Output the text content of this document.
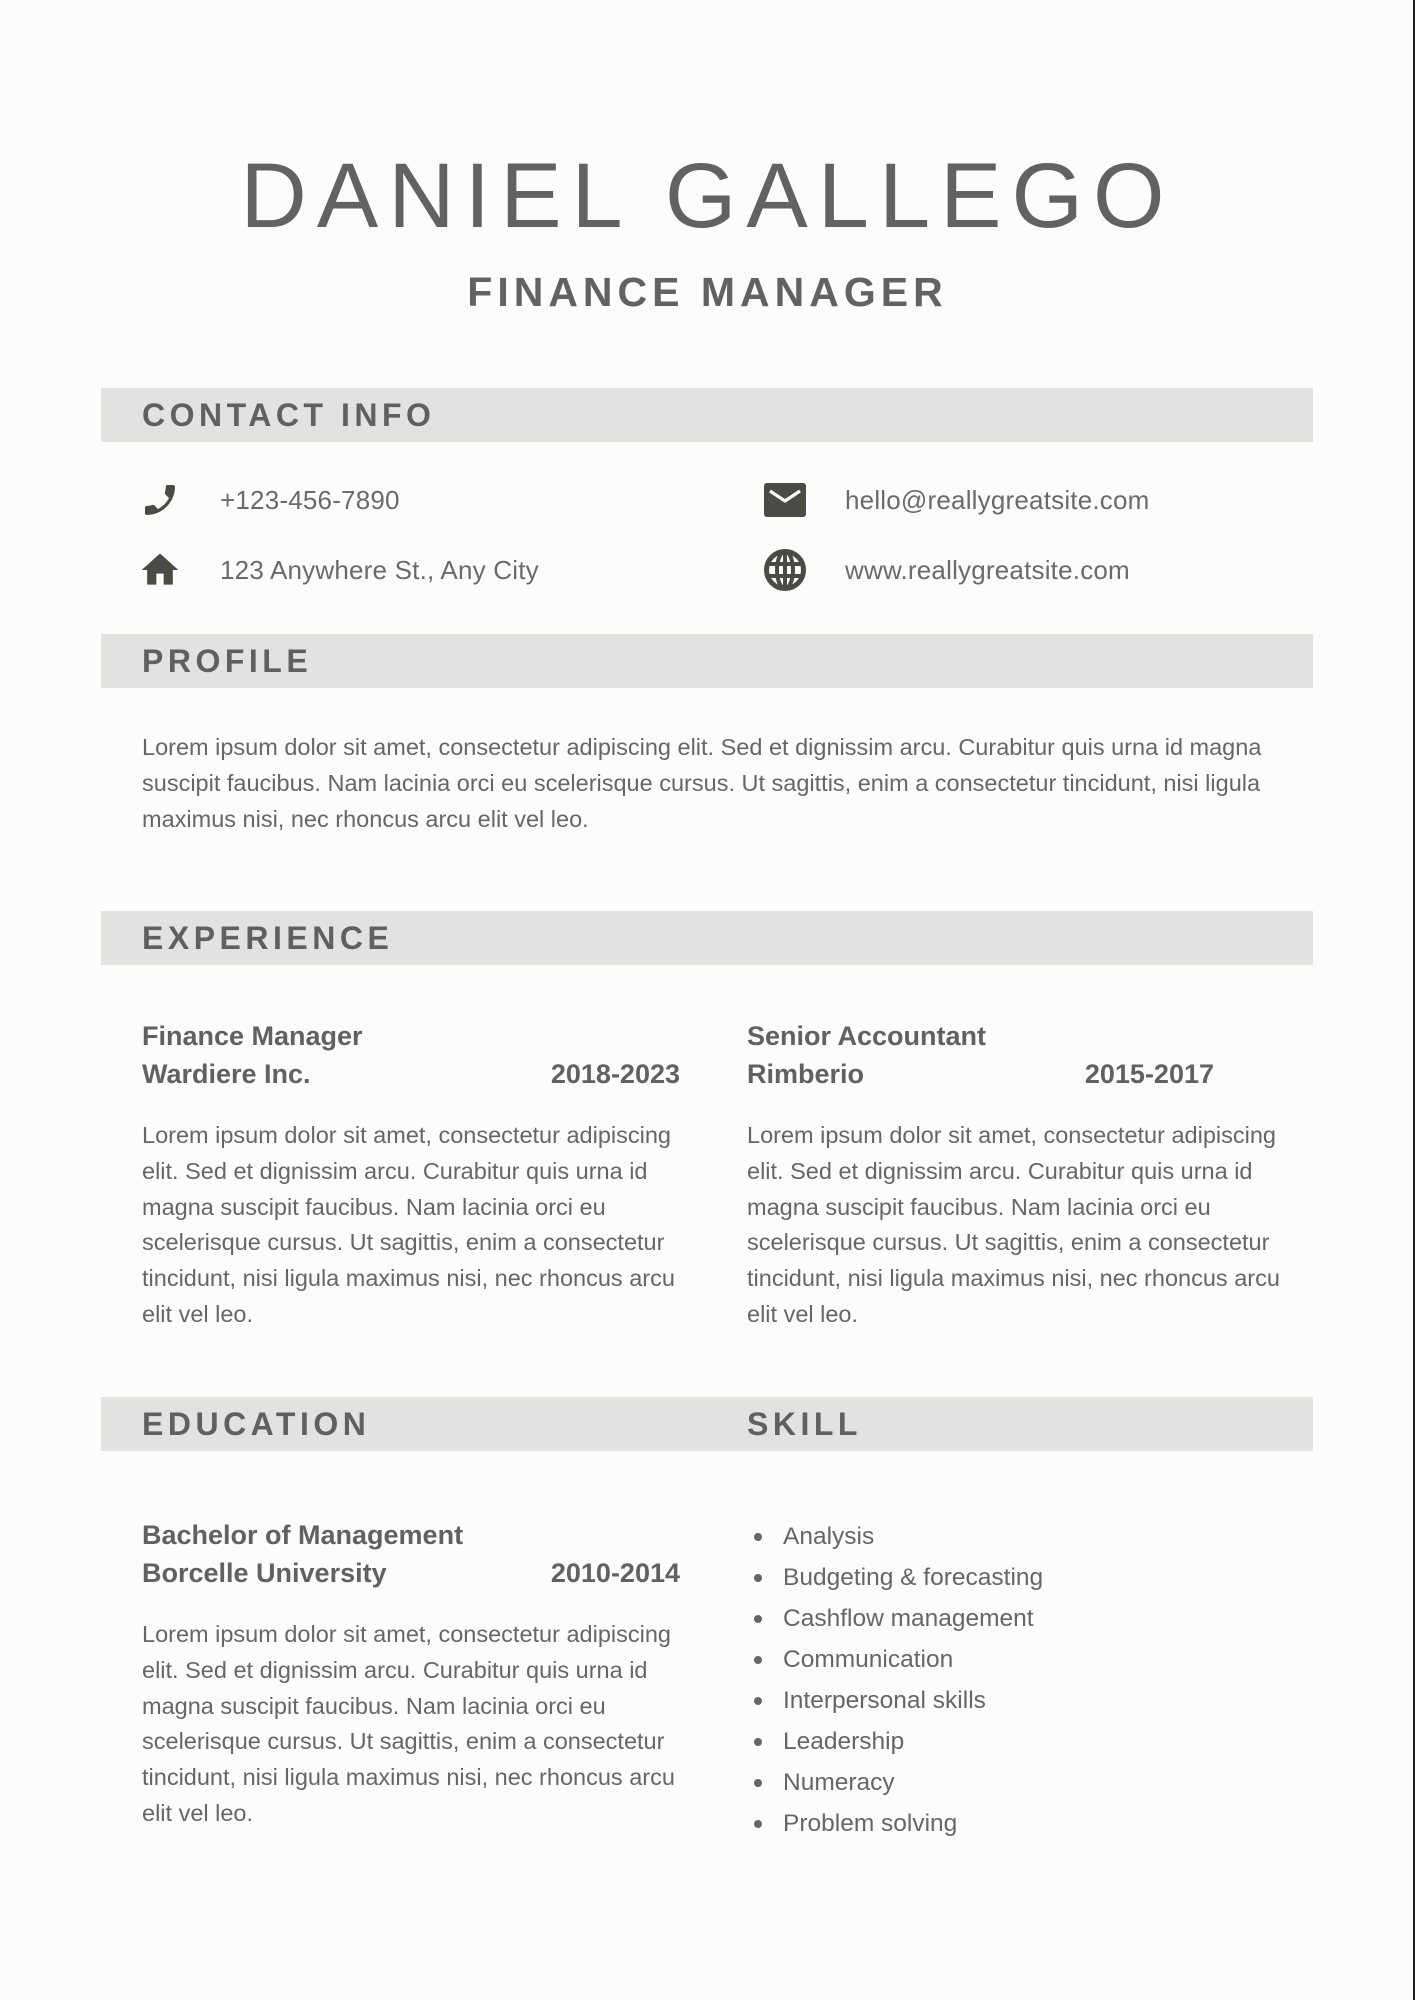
DANIEL GALLEGO
FINANCE MANAGER
CONTACT INFO
+123-456-7890
123 Anywhere St., Any City
hello@reallygreatsite.com
www.reallygreatsite.com
PROFILE

Lorem ipsum dolor sit amet, consectetur adipiscing elit. Sed et dignissim arcu. Curabitur quis urna id magna suscipit faucibus. Nam lacinia orci eu scelerisque cursus. Ut sagittis, enim a consectetur tincidunt, nisi ligula maximus nisi, nec rhoncus arcu elit vel leo.

EXPERIENCE
Finance Manager
Wardiere Inc.	2018-2023

Lorem ipsum dolor sit amet, consectetur adipiscing elit. Sed et dignissim arcu. Curabitur quis urna id magna suscipit faucibus. Nam lacinia orci eu scelerisque cursus. Ut sagittis, enim a consectetur tincidunt, nisi ligula maximus nisi, nec rhoncus arcu elit vel leo.

Senior Accountant
Rimberio	2015-2017

Lorem ipsum dolor sit amet, consectetur adipiscing elit. Sed et dignissim arcu. Curabitur quis urna id magna suscipit faucibus. Nam lacinia orci eu scelerisque cursus. Ut sagittis, enim a consectetur tincidunt, nisi ligula maximus nisi, nec rhoncus arcu elit vel leo.

EDUCATION	SKILL
Bachelor of Management
Borcelle University	2010-2014

Lorem ipsum dolor sit amet, consectetur adipiscing elit. Sed et dignissim arcu. Curabitur quis urna id magna suscipit faucibus. Nam lacinia orci eu scelerisque cursus. Ut sagittis, enim a consectetur tincidunt, nisi ligula maximus nisi, nec rhoncus arcu elit vel leo.

Analysis
Budgeting & forecasting
Cashflow management
Communication
Interpersonal skills
Leadership
Numeracy
Problem solving
